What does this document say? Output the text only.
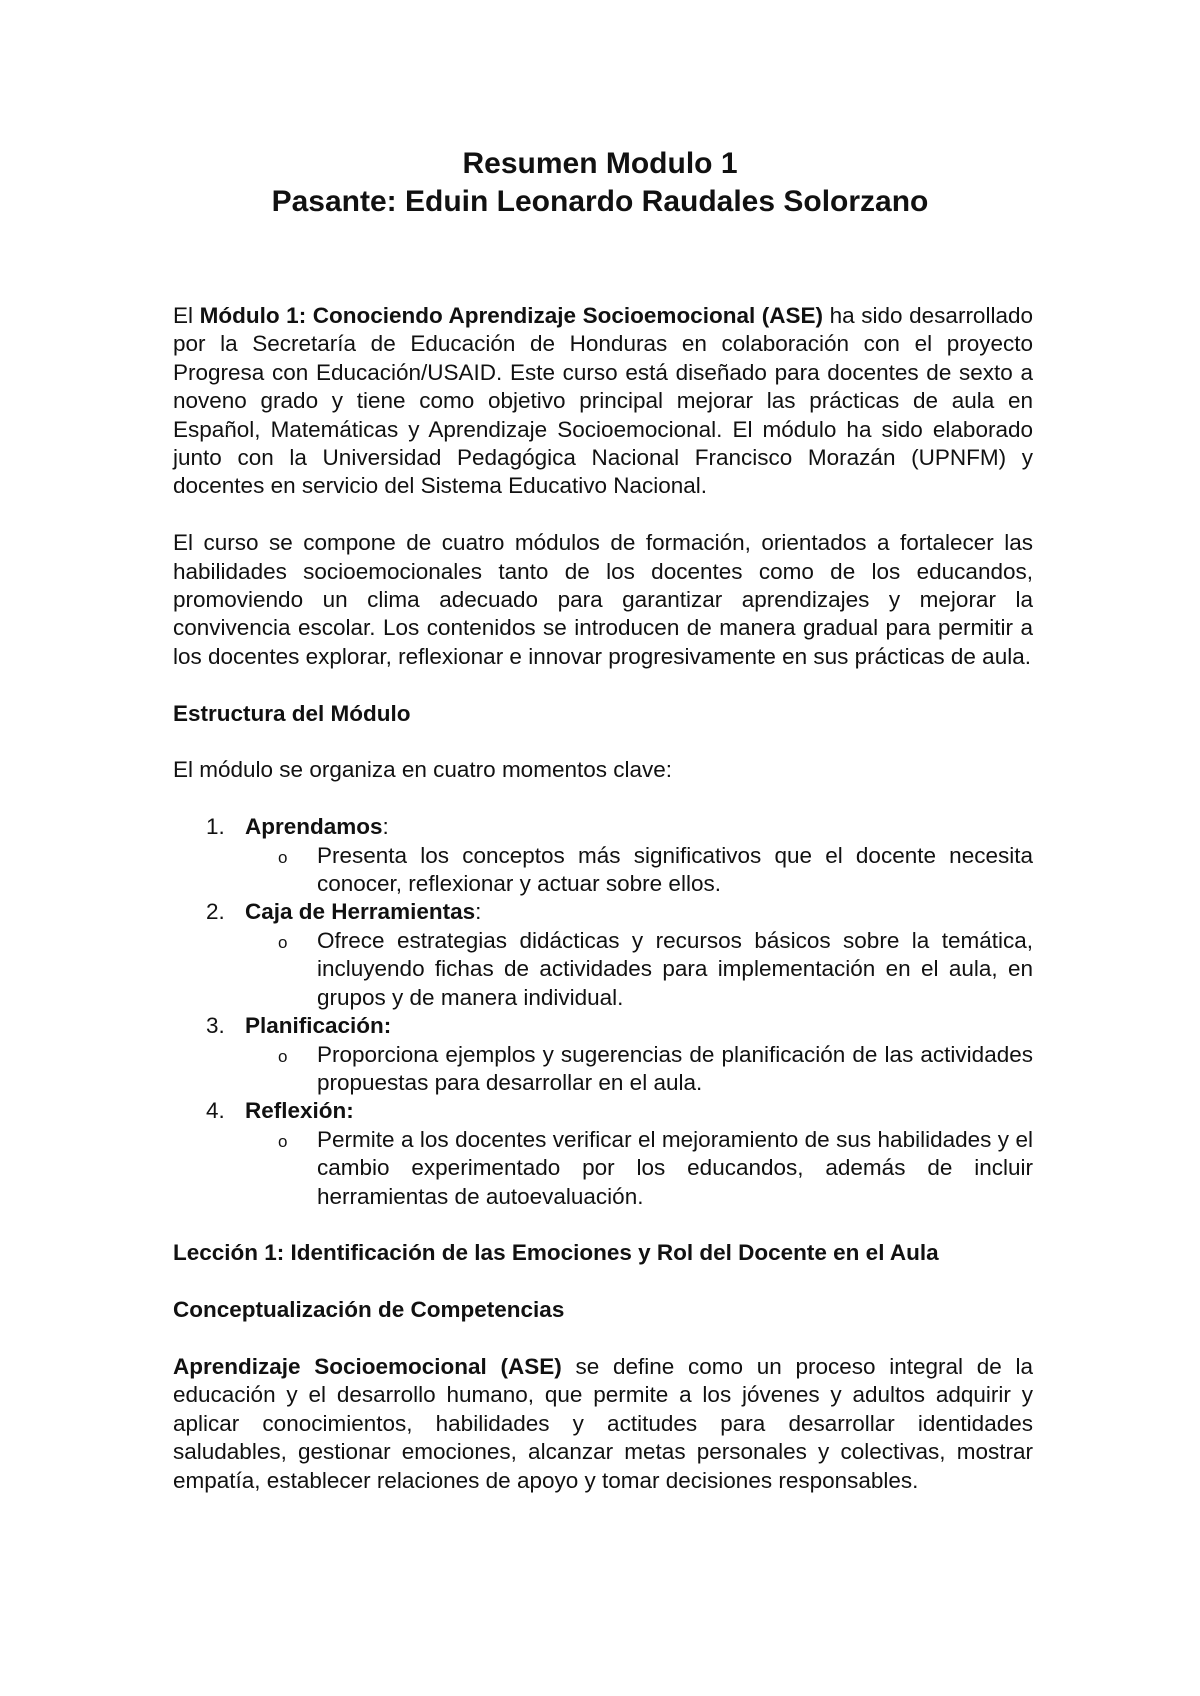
Resumen Modulo 1
Pasante: Eduin Leonardo Raudales Solorzano

El Módulo 1: Conociendo Aprendizaje Socioemocional (ASE) ha sido desarrollado por la Secretaría de Educación de Honduras en colaboración con el proyecto Progresa con Educación/USAID. Este curso está diseñado para docentes de sexto a noveno grado y tiene como objetivo principal mejorar las prácticas de aula en Español, Matemáticas y Aprendizaje Socioemocional. El módulo ha sido elaborado junto con la Universidad Pedagógica Nacional Francisco Morazán (UPNFM) y docentes en servicio del Sistema Educativo Nacional.

El curso se compone de cuatro módulos de formación, orientados a fortalecer las habilidades socioemocionales tanto de los docentes como de los educandos, promoviendo un clima adecuado para garantizar aprendizajes y mejorar la convivencia escolar. Los contenidos se introducen de manera gradual para permitir a los docentes explorar, reflexionar e innovar progresivamente en sus prácticas de aula.

Estructura del Módulo

El módulo se organiza en cuatro momentos clave:

1. Aprendamos:
o Presenta los conceptos más significativos que el docente necesita conocer, reflexionar y actuar sobre ellos.
2. Caja de Herramientas:
o Ofrece estrategias didácticas y recursos básicos sobre la temática, incluyendo fichas de actividades para implementación en el aula, en grupos y de manera individual.
3. Planificación:
o Proporciona ejemplos y sugerencias de planificación de las actividades propuestas para desarrollar en el aula.
4. Reflexión:
o Permite a los docentes verificar el mejoramiento de sus habilidades y el cambio experimentado por los educandos, además de incluir herramientas de autoevaluación.

Lección 1: Identificación de las Emociones y Rol del Docente en el Aula

Conceptualización de Competencias

Aprendizaje Socioemocional (ASE) se define como un proceso integral de la educación y el desarrollo humano, que permite a los jóvenes y adultos adquirir y aplicar conocimientos, habilidades y actitudes para desarrollar identidades saludables, gestionar emociones, alcanzar metas personales y colectivas, mostrar empatía, establecer relaciones de apoyo y tomar decisiones responsables.
